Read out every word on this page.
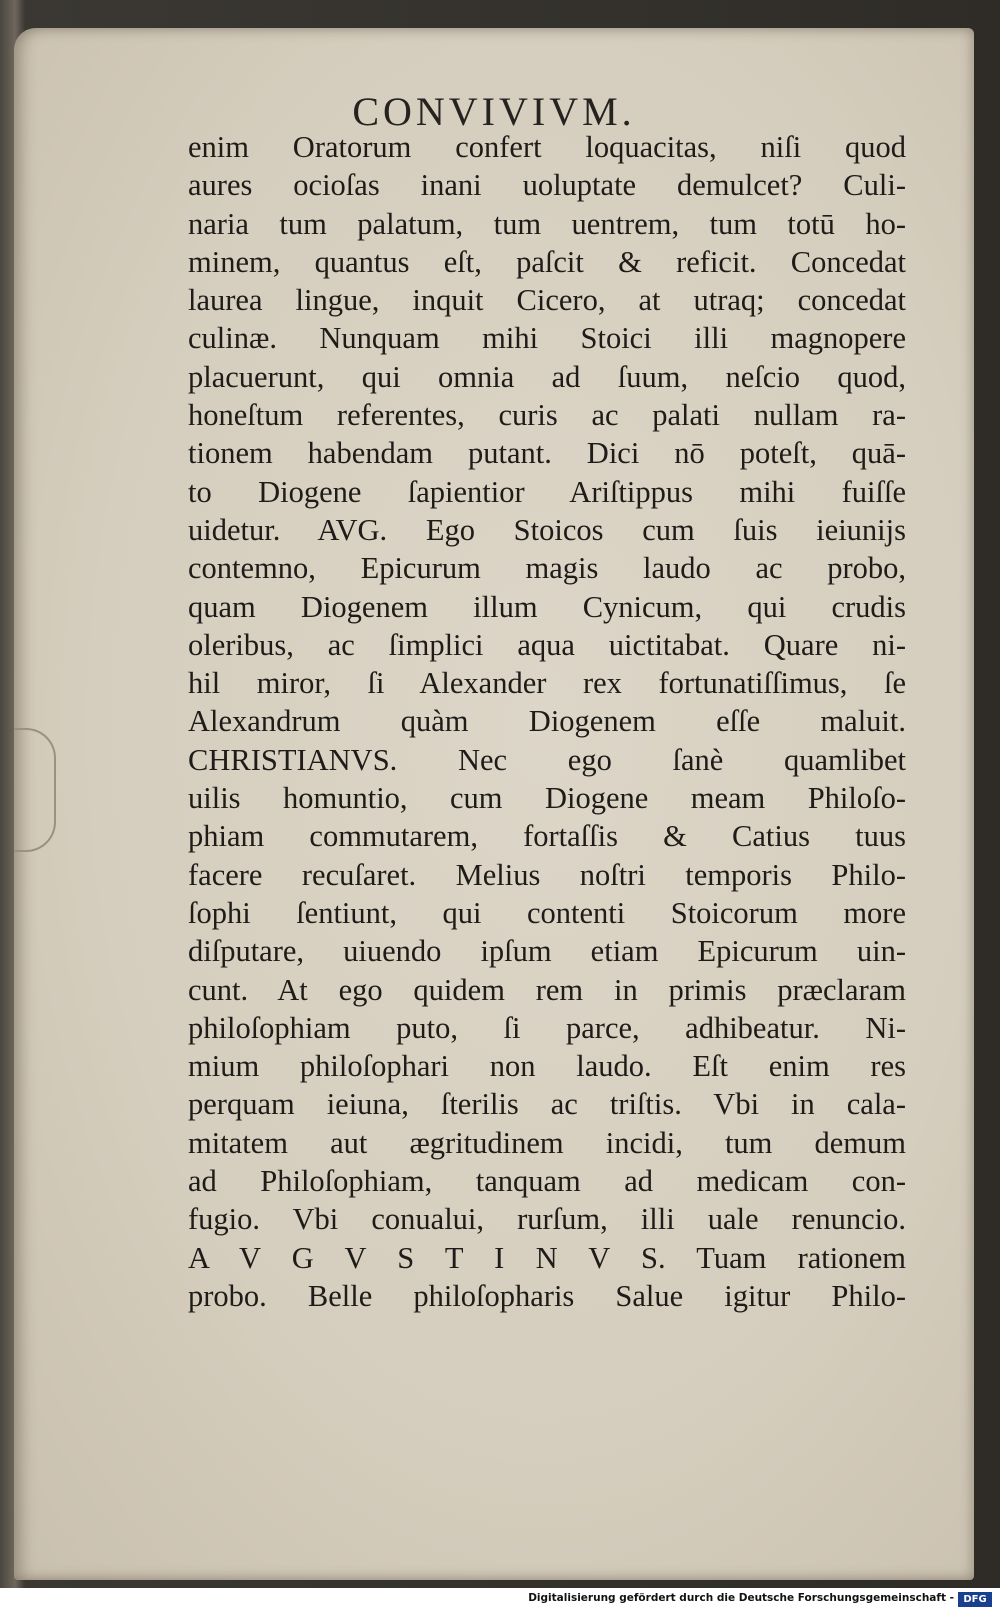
CONVIVIVM.
enim Oratorum confert loquacitas, niſi quod
aures ocioſas inani uoluptate demulcet? Culi-
naria tum palatum, tum uentrem, tum totū ho-
minem, quantus eſt, paſcit & reficit. Concedat
laurea lingue, inquit Cicero, at utraq; concedat
culinæ. Nunquam mihi Stoici illi magnopere
placuerunt, qui omnia ad ſuum, neſcio quod,
honeſtum referentes, curis ac palati nullam ra-
tionem habendam putant. Dici nō poteſt, quā-
to Diogene ſapientior Ariſtippus mihi fuiſſe
uidetur. AVG. Ego Stoicos cum ſuis ieiunijs
contemno, Epicurum magis laudo ac probo,
quam Diogenem illum Cynicum, qui crudis
oleribus, ac ſimplici aqua uictitabat. Quare ni-
hil miror, ſi Alexander rex fortunatiſſimus, ſe
Alexandrum quàm Diogenem eſſe maluit.
CHRISTIANVS. Nec ego ſanè quamlibet
uilis homuntio, cum Diogene meam Philoſo-
phiam commutarem, fortaſſis & Catius tuus
facere recuſaret. Melius noſtri temporis Philo-
ſophi ſentiunt, qui contenti Stoicorum more
diſputare, uiuendo ipſum etiam Epicurum uin-
cunt. At ego quidem rem in primis præclaram
philoſophiam puto, ſi parce, adhibeatur. Ni-
mium philoſophari non laudo. Eſt enim res
perquam ieiuna, ſterilis ac triſtis. Vbi in cala-
mitatem aut ægritudinem incidi, tum demum
ad Philoſophiam, tanquam ad medicam con-
fugio. Vbi conualui, rurſum, illi uale renuncio.
A V G V S T I N V S. Tuam rationem
probo. Belle philoſopharis Salue igitur Philo-
Digitalisierung gefördert durch die Deutsche Forschungsgemeinschaft - DFG
